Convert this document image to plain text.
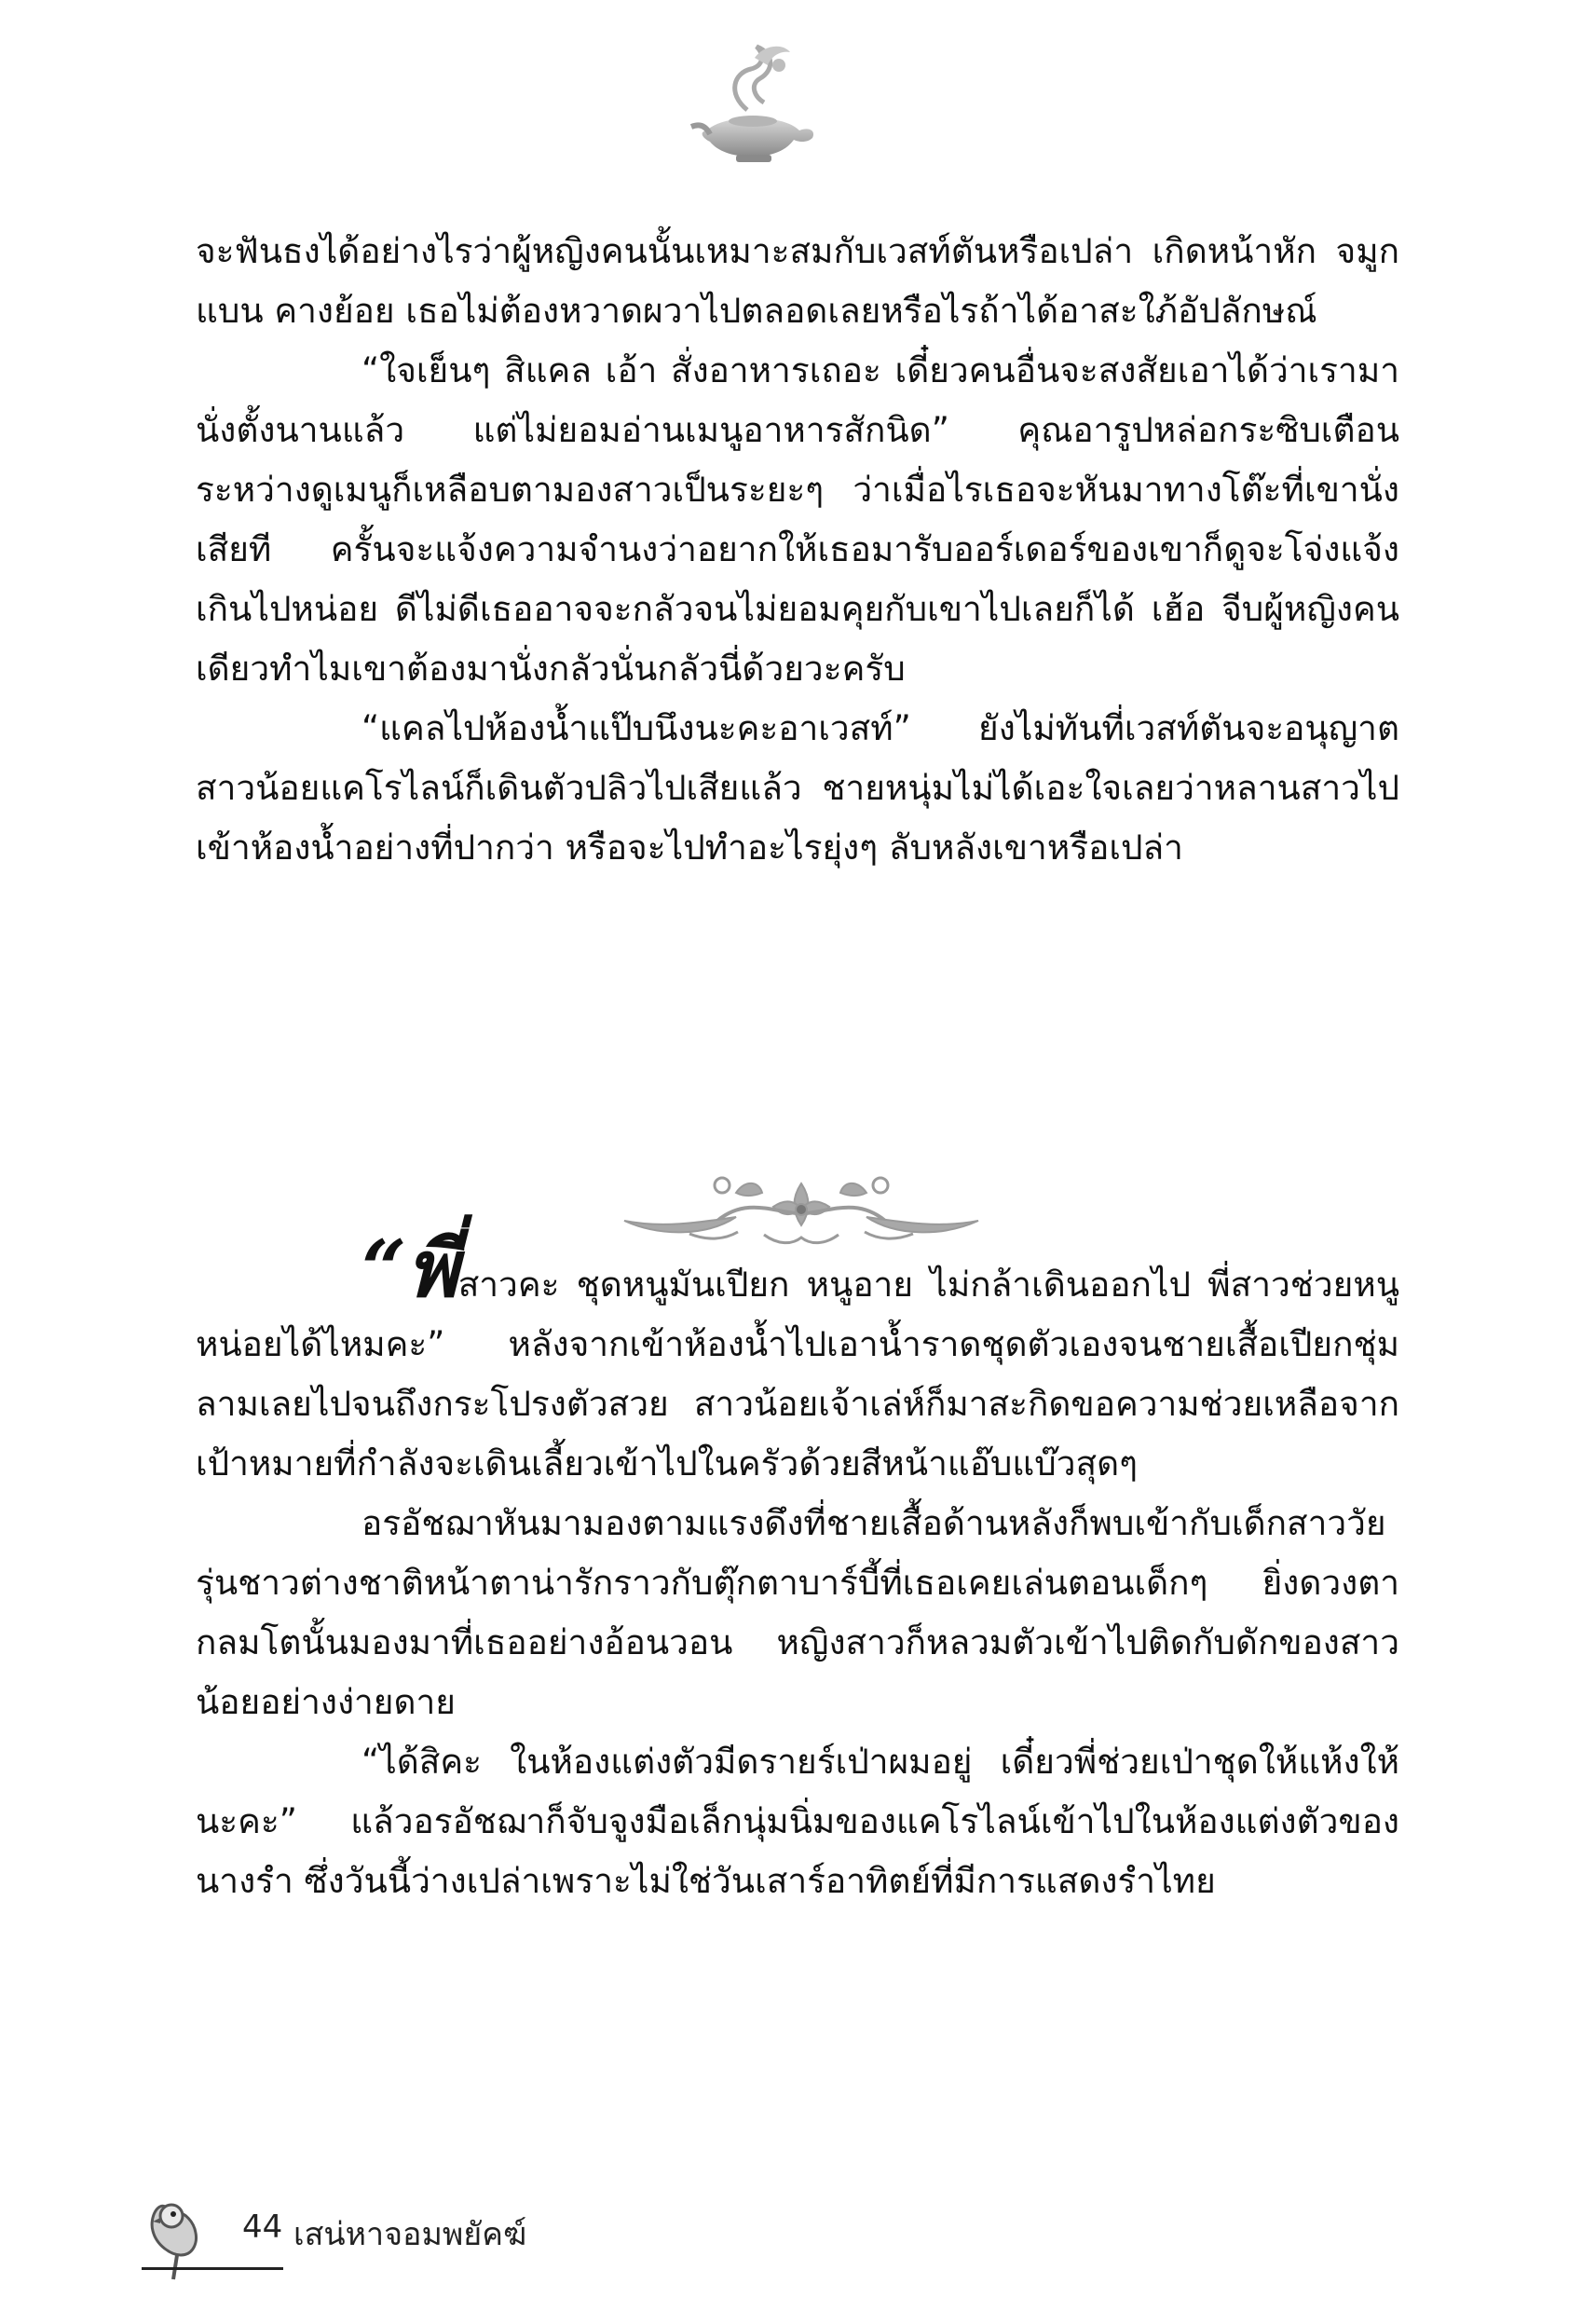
จะฟันธงได้อย่างไรว่าผู้หญิงคนนั้นเหมาะสมกับเวสท์ตันหรือเปล่า เกิดหน้าหัก จมูกแบน คางย้อย เธอไม่ต้องหวาดผวาไปตลอดเลยหรือไรถ้าได้อาสะใภ้อัปลักษณ์

“ใจเย็นๆ สิแคล เอ้า สั่งอาหารเถอะ เดี๋ยวคนอื่นจะสงสัยเอาได้ว่าเรามานั่งตั้งนานแล้ว แต่ไม่ยอมอ่านเมนูอาหารสักนิด” คุณอารูปหล่อกระซิบเตือน ระหว่างดูเมนูก็เหลือบตามองสาวเป็นระยะๆ ว่าเมื่อไรเธอจะหันมาทางโต๊ะที่เขานั่งเสียที ครั้นจะแจ้งความจำนงว่าอยากให้เธอมารับออร์เดอร์ของเขาก็ดูจะโจ่งแจ้งเกินไปหน่อย ดีไม่ดีเธออาจจะกลัวจนไม่ยอมคุยกับเขาไปเลยก็ได้ เฮ้อ จีบผู้หญิงคนเดียวทำไมเขาต้องมานั่งกลัวนั่นกลัวนี่ด้วยวะครับ

“แคลไปห้องน้ำแป๊บนึงนะคะอาเวสท์” ยังไม่ทันที่เวสท์ตันจะอนุญาต สาวน้อยแคโรไลน์ก็เดินตัวปลิวไปเสียแล้ว ชายหนุ่มไม่ได้เอะใจเลยว่าหลานสาวไปเข้าห้องน้ำอย่างที่ปากว่า หรือจะไปทำอะไรยุ่งๆ ลับหลังเขาหรือเปล่า

“พี่สาวคะ ชุดหนูมันเปียก หนูอาย ไม่กล้าเดินออกไป พี่สาวช่วยหนูหน่อยได้ไหมคะ” หลังจากเข้าห้องน้ำไปเอาน้ำราดชุดตัวเองจนชายเสื้อเปียกชุ่มลามเลยไปจนถึงกระโปรงตัวสวย สาวน้อยเจ้าเล่ห์ก็มาสะกิดขอความช่วยเหลือจากเป้าหมายที่กำลังจะเดินเลี้ยวเข้าไปในครัวด้วยสีหน้าแอ๊บแบ๊วสุดๆ

อรอัชฌาหันมามองตามแรงดึงที่ชายเสื้อด้านหลังก็พบเข้ากับเด็กสาววัยรุ่นชาวต่างชาติหน้าตาน่ารักราวกับตุ๊กตาบาร์บี้ที่เธอเคยเล่นตอนเด็กๆ ยิ่งดวงตากลมโตนั้นมองมาที่เธออย่างอ้อนวอน หญิงสาวก็หลวมตัวเข้าไปติดกับดักของสาวน้อยอย่างง่ายดาย

“ได้สิคะ ในห้องแต่งตัวมีดรายร์เป่าผมอยู่ เดี๋ยวพี่ช่วยเป่าชุดให้แห้งให้นะคะ” แล้วอรอัชฌาก็จับจูงมือเล็กนุ่มนิ่มของแคโรไลน์เข้าไปในห้องแต่งตัวของนางรำ ซึ่งวันนี้ว่างเปล่าเพราะไม่ใช่วันเสาร์อาทิตย์ที่มีการแสดงรำไทย

44 เสน่หาจอมพยัคฆ์
